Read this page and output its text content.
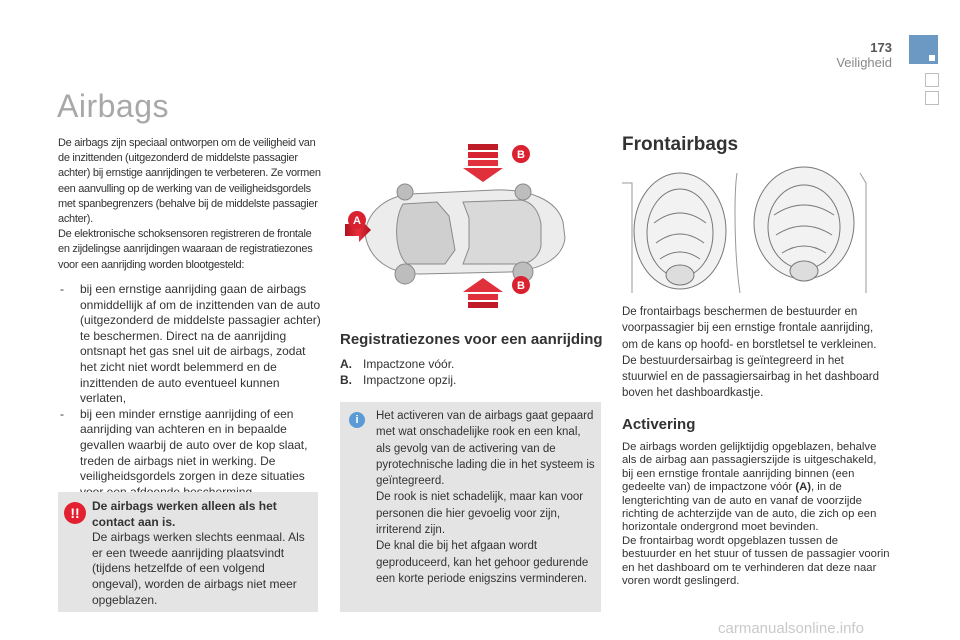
173
Veiligheid
Airbags

De airbags zijn speciaal ontworpen om de veiligheid van de inzittenden (uitgezonderd de middelste passagier achter) bij ernstige aanrijdingen te verbeteren. Ze vormen een aanvulling op de werking van de veiligheidsgordels met spanbegrenzers (behalve bij de middelste passagier achter).

De elektronische schoksensoren registreren de frontale en zijdelingse aanrijdingen waaraan de registratiezones voor een aanrijding worden blootgesteld:

- bij een ernstige aanrijding gaan de airbags onmiddellijk af om de inzittenden van de auto (uitgezonderd de middelste passagier achter) te beschermen. Direct na de aanrijding ontsnapt het gas snel uit de airbags, zodat het zicht niet wordt belemmerd en de inzittenden de auto eventueel kunnen verlaten,
- bij een minder ernstige aanrijding of een aanrijding van achteren en in bepaalde gevallen waarbij de auto over de kop slaat, treden de airbags niet in werking. De veiligheidsgordels zorgen in deze situaties
!!	De airbags werken alleen als het contact aan is.
De airbags werken slechts eenmaal. Als er een tweede aanrijding plaatsvindt (tijdens hetzelfde of een volgend ongeval), worden de airbags niet meer opgeblazen.
A
B
B
Registratiezones voor een aanrijding
A. Impactzone vóór.
B. Impactzone opzij.
i	Het activeren van de airbags gaat gepaard met wat onschadelijke rook en een knal, als gevolg van de activering van de pyrotechnische lading die in het systeem is geïntegreerd.

De rook is niet schadelijk, maar kan voor personen die hier gevoelig voor zijn, irriterend zijn.

De knal die bij het afgaan wordt geproduceerd, kan het gehoor gedurende een korte periode enigszins verminderen.

Frontairbags

De frontairbags beschermen de bestuurder en voorpassagier bij een ernstige frontale aanrijding, om de kans op hoofd- en borstletsel te verkleinen.

De bestuurdersairbag is geïntegreerd in het stuurwiel en de passagiersairbag in het dashboard boven het dashboardkastje.

Activering

De airbags worden gelijktijdig opgeblazen, behalve als de airbag aan passagierszijde is uitgeschakeld, bij een ernstige frontale aanrijding binnen (een gedeelte van) de impactzone vóór (A), in de lengterichting van de auto en vanaf de voorzijde richting de achterzijde van de auto, die zich op een horizontale ondergrond moet bevinden.

De frontairbag wordt opgeblazen tussen de bestuurder en het stuur of tussen de passagier voorin en het dashboard om te verhinderen dat deze naar voren wordt geslingerd.

carmanualsonline.info
